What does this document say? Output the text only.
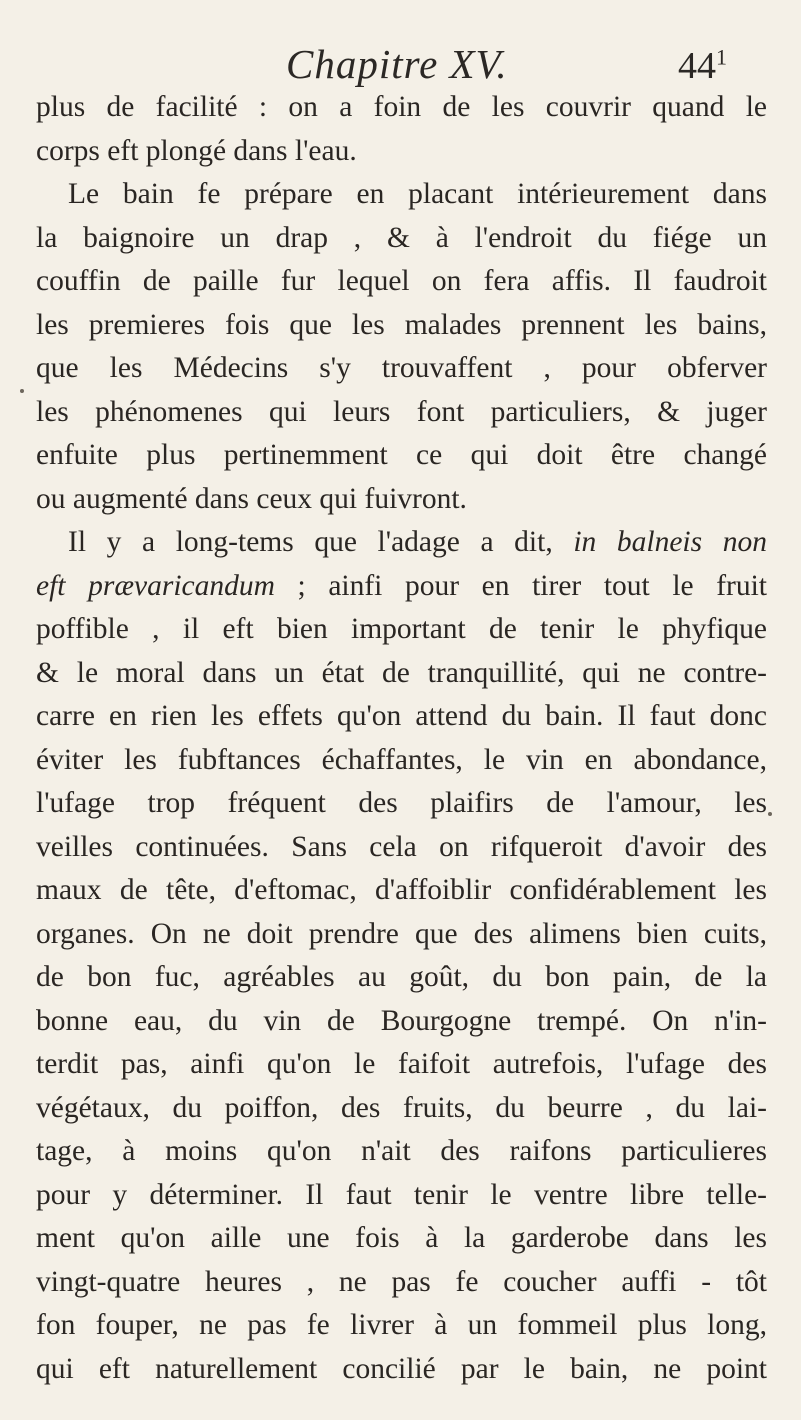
Chapitre XV.	$44^1$
plus de facilité : on a foin de les couvrir quand le
corps eft plongé dans l'eau.
Le bain fe prépare en placant intérieurement dans
la baignoire un drap , & à l'endroit du fiége un
couffin de paille fur lequel on fera affis. Il faudroit
les premieres fois que les malades prennent les bains,
que les Médecins s'y trouvaffent , pour obferver
les phénomenes qui leurs font particuliers, & juger
enfuite plus pertinemment ce qui doit être changé
ou augmenté dans ceux qui fuivront.
Il y a long-tems que l'adage a dit, in balneis non
eft prævaricandum ; ainfi pour en tirer tout le fruit
poffible , il eft bien important de tenir le phyfique
& le moral dans un état de tranquillité, qui ne contre-
carre en rien les effets qu'on attend du bain. Il faut donc
éviter les fubftances échaffantes, le vin en abondance,
l'ufage trop fréquent des plaifirs de l'amour, les
veilles continuées. Sans cela on rifqueroit d'avoir des
maux de tête, d'eftomac, d'affoiblir confidérablement les
organes. On ne doit prendre que des alimens bien cuits,
de bon fuc, agréables au goût, du bon pain, de la
bonne eau, du vin de Bourgogne trempé. On n'in-
terdit pas, ainfi qu'on le faifoit autrefois, l'ufage des
végétaux, du poiffon, des fruits, du beurre , du lai-
tage, à moins qu'on n'ait des raifons particulieres
pour y déterminer. Il faut tenir le ventre libre telle-
ment qu'on aille une fois à la garderobe dans les
vingt-quatre heures , ne pas fe coucher auffi - tôt
fon fouper, ne pas fe livrer à un fommeil plus long,
qui eft naturellement concilié par le bain, ne point
